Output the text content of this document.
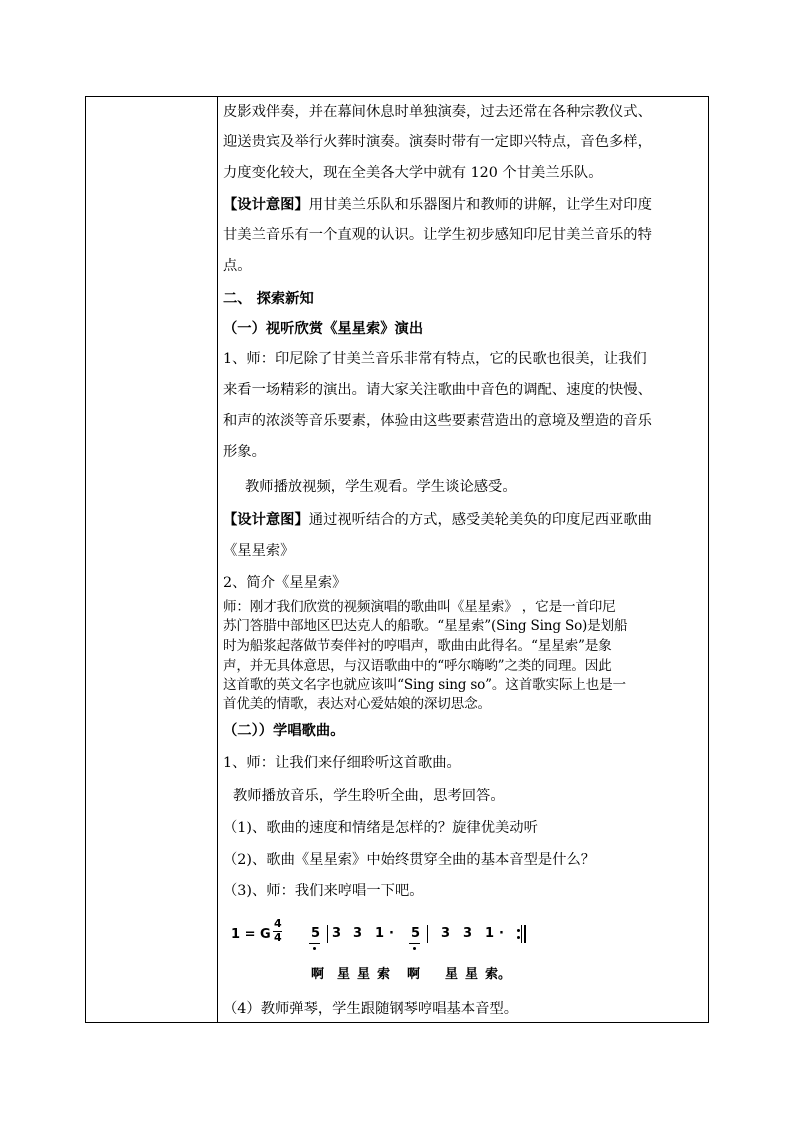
皮影戏伴奏，并在幕间休息时单独演奏，过去还常在各种宗教仪式、
迎送贵宾及举行火葬时演奏。演奏时带有一定即兴特点，音色多样，
力度变化较大，现在全美各大学中就有 120 个甘美兰乐队。
【设计意图】用甘美兰乐队和乐器图片和教师的讲解，让学生对印度
甘美兰音乐有一个直观的认识。让学生初步感知印尼甘美兰音乐的特
点。
二、 探索新知
（一）视听欣赏《星星索》演出
1、师：印尼除了甘美兰音乐非常有特点，它的民歌也很美，让我们
来看一场精彩的演出。请大家关注歌曲中音色的调配、速度的快慢、
和声的浓淡等音乐要素，体验由这些要素营造出的意境及塑造的音乐
形象。
教师播放视频，学生观看。学生谈论感受。
【设计意图】通过视听结合的方式，感受美轮美奂的印度尼西亚歌曲
《星星索》
2、简介《星星索》
师：刚才我们欣赏的视频演唱的歌曲叫《星星索》 ，它是一首印尼
苏门答腊中部地区巴达克人的船歌。“星星索”(Sing Sing So)是划船
时为船浆起落做节奏伴衬的哼唱声，歌曲由此得名。“星星索”是象
声，并无具体意思，与汉语歌曲中的“呼尔嗨哟”之类的同理。因此
这首歌的英文名字也就应该叫“Sing sing so”。这首歌实际上也是一
首优美的情歌，表达对心爱姑娘的深切思念。
（二））学唱歌曲。
1、师：让我们来仔细聆听这首歌曲。
教师播放音乐，学生聆听全曲，思考回答。
（1)、歌曲的速度和情绪是怎样的？旋律优美动听
（2)、歌曲《星星索》中始终贯穿全曲的基本音型是什么？
（3)、师：我们来哼唱一下吧。
1 = G
4
4 5 3 3 1 · 5 3 3 1 ·
啊 星 星 索 啊 星 星 索。
（4）教师弹琴，学生跟随钢琴哼唱基本音型。
